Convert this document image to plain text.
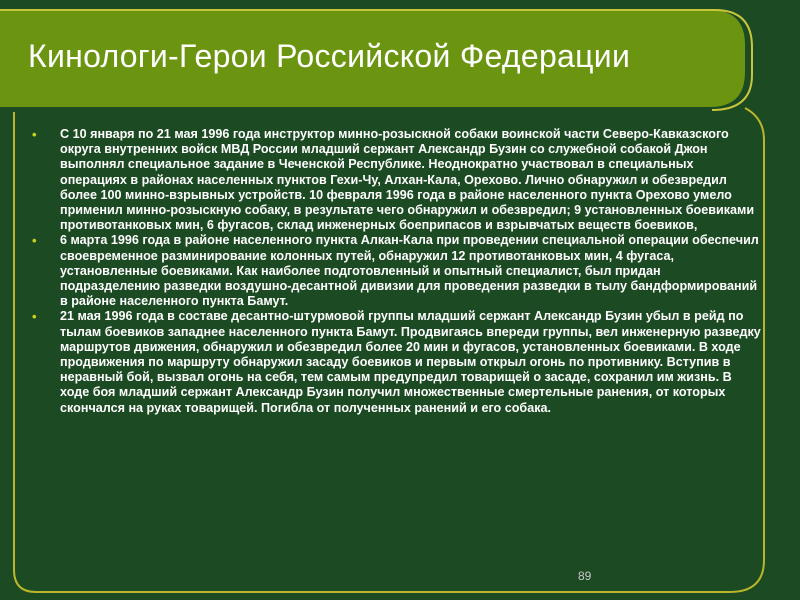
Кинологи-Герои Российской Федерации
• С 10 января по 21 мая 1996 года инструктор минно-розыскной собаки воинской части Северо-Кавказского округа внутренних войск МВД России младший сержант Александр Бузин со служебной собакой Джон выполнял специальное задание в Чеченской Республике. Неоднократно участвовал в специальных операциях в районах населенных пунктов Гехи-Чу, Алхан-Кала, Орехово. Лично обнаружил и обезвредил более 100 минно-взрывных устройств. 10 февраля 1996 года в районе населенного пункта Орехово умело применил минно-розыскную собаку, в результате чего обнаружил и обезвредил; 9 установленных боевиками противотанковых мин, 6 фугасов, склад инженерных боеприпасов и взрывчатых веществ боевиков,
• 6 марта 1996 года в районе населенного пункта Алкан-Кала при проведении специальной операции обеспечил своевременное разминирование колонных путей, обнаружил 12 противотанковых мин, 4 фугаса, установленные боевиками. Как наиболее подготовленный и опытный специалист, был придан подразделению разведки воздушно-десантной дивизии для проведения разведки в тылу бандформирований в районе населенного пункта Бамут.
• 21 мая 1996 года в составе десантно-штурмовой группы младший сержант Александр Бузин убыл в рейд по тылам боевиков западнее населенного пункта Бамут. Продвигаясь впереди группы, вел инженерную разведку маршрутов движения, обнаружил и обезвредил более 20 мин и фугасов, установленных боевиками. В ходе продвижения по маршруту обнаружил засаду боевиков и первым открыл огонь по противнику. Вступив в неравный бой, вызвал огонь на себя, тем самым предупредил товарищей о засаде, сохранил им жизнь. В ходе боя младший сержант Александр Бузин получил множественные смертельные ранения, от которых скончался на руках товарищей. Погибла от полученных ранений и его собака.
89
